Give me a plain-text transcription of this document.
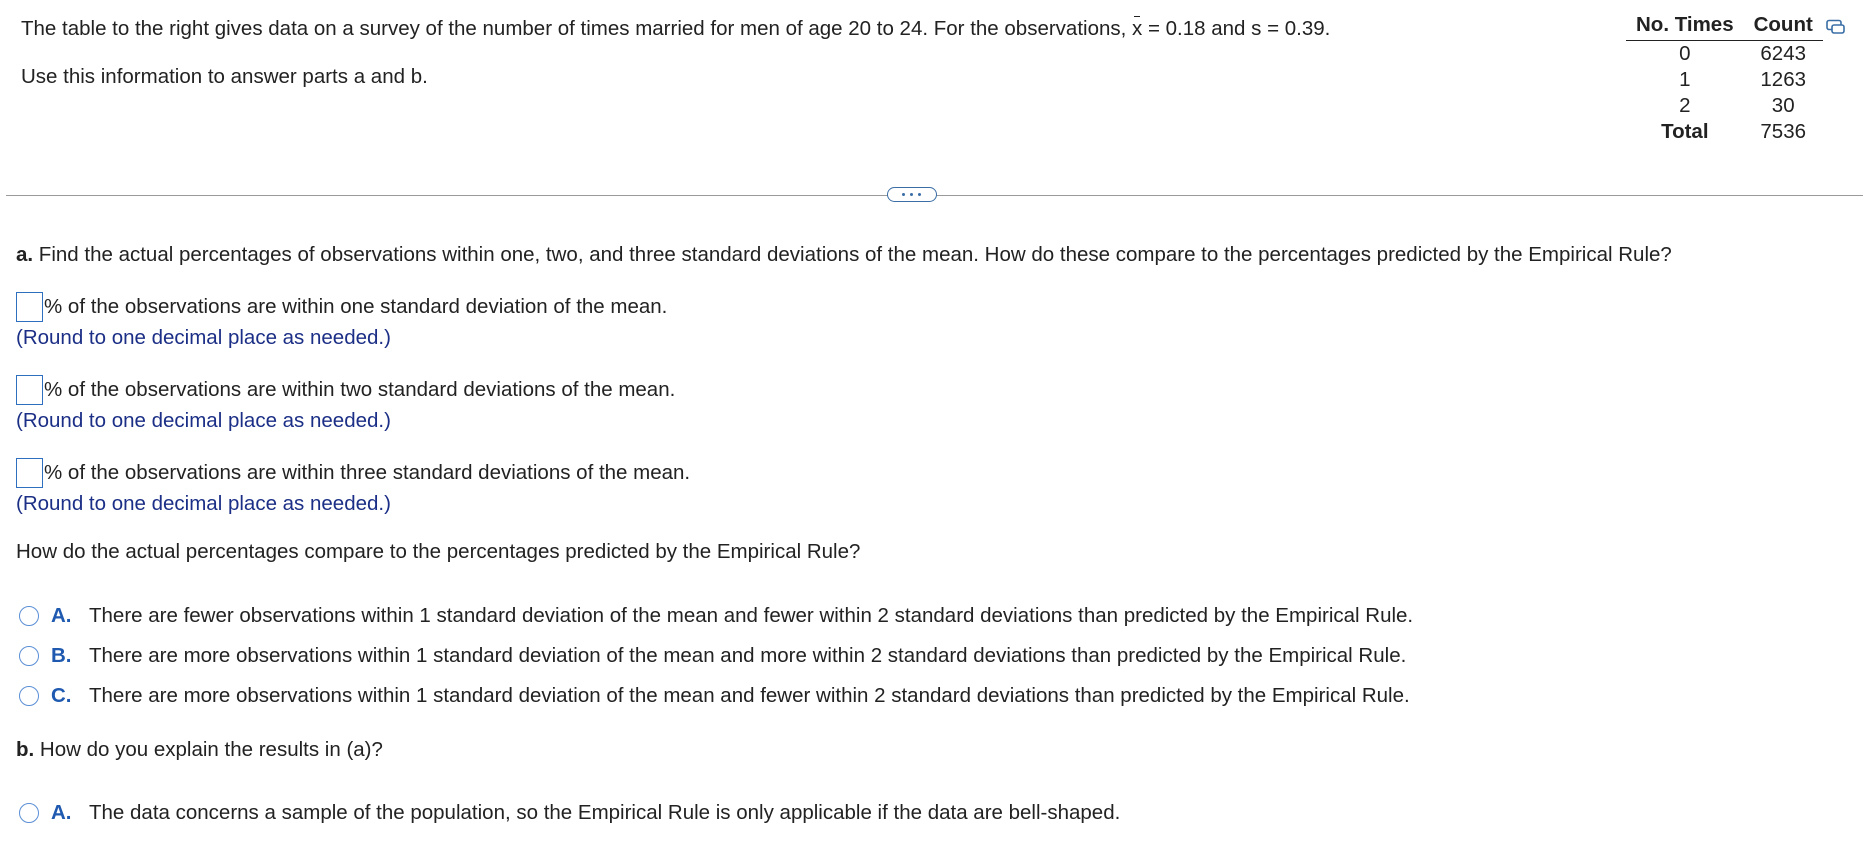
The table to the right gives data on a survey of the number of times married for men of age 20 to 24. For the observations, x = 0.18 and s = 0.39.

Use this information to answer parts a and b.

No. Times	Count
0	6243
1	1263
2	30
Total	7536
a. Find the actual percentages of observations within one, two, and three standard deviations of the mean. How do these compare to the percentages predicted by the Empirical Rule?
% of the observations are within one standard deviation of the mean.
(Round to one decimal place as needed.)
% of the observations are within two standard deviations of the mean.
(Round to one decimal place as needed.)
% of the observations are within three standard deviations of the mean.
(Round to one decimal place as needed.)
How do the actual percentages compare to the percentages predicted by the Empirical Rule?
A. There are fewer observations within 1 standard deviation of the mean and fewer within 2 standard deviations than predicted by the Empirical Rule.
B. There are more observations within 1 standard deviation of the mean and more within 2 standard deviations than predicted by the Empirical Rule.
C. There are more observations within 1 standard deviation of the mean and fewer within 2 standard deviations than predicted by the Empirical Rule.
b. How do you explain the results in (a)?
A. The data concerns a sample of the population, so the Empirical Rule is only applicable if the data are bell-shaped.
